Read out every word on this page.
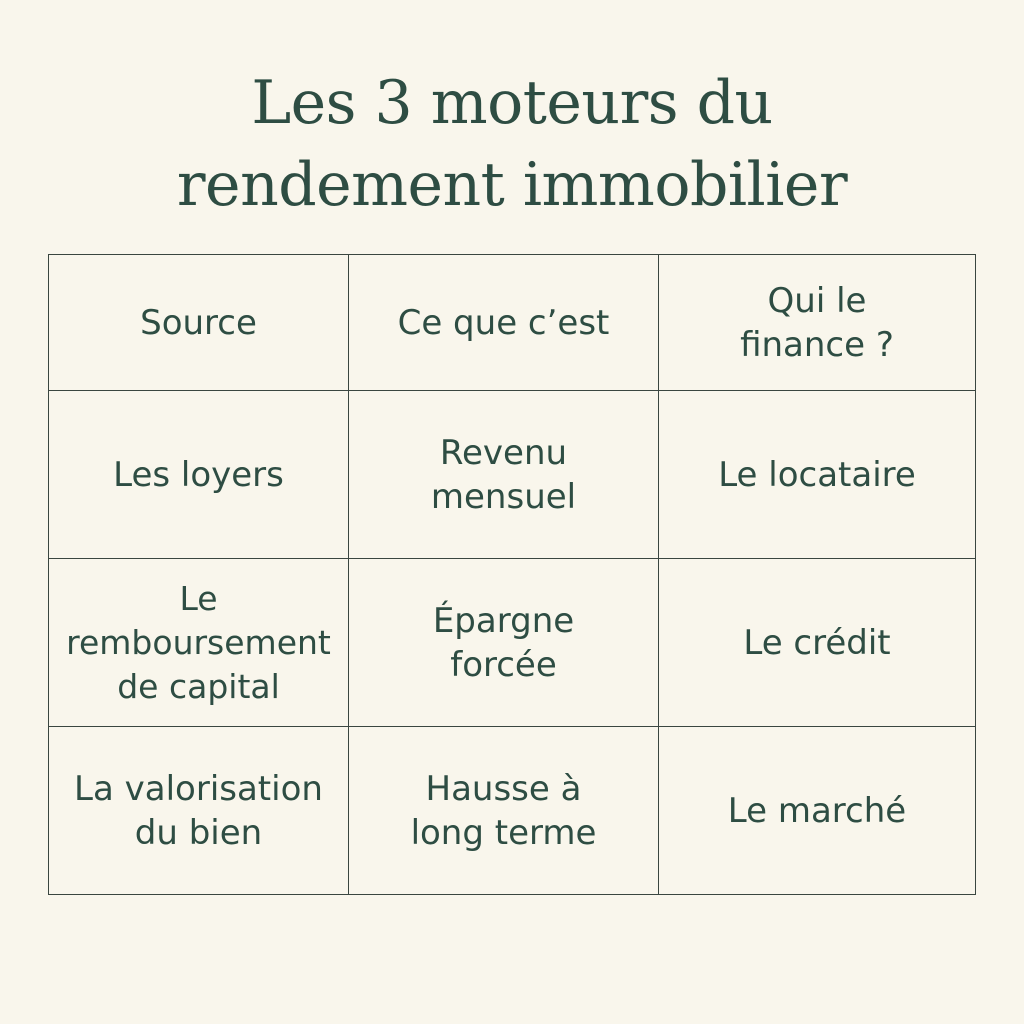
Les 3 moteurs du
rendement immobilier
Source	Ce que c’est	Qui le finance ?
Les loyers	Revenu mensuel	Le locataire
Le remboursement de capital	Épargne forcée	Le crédit
La valorisation du bien	Hausse à long terme	Le marché
